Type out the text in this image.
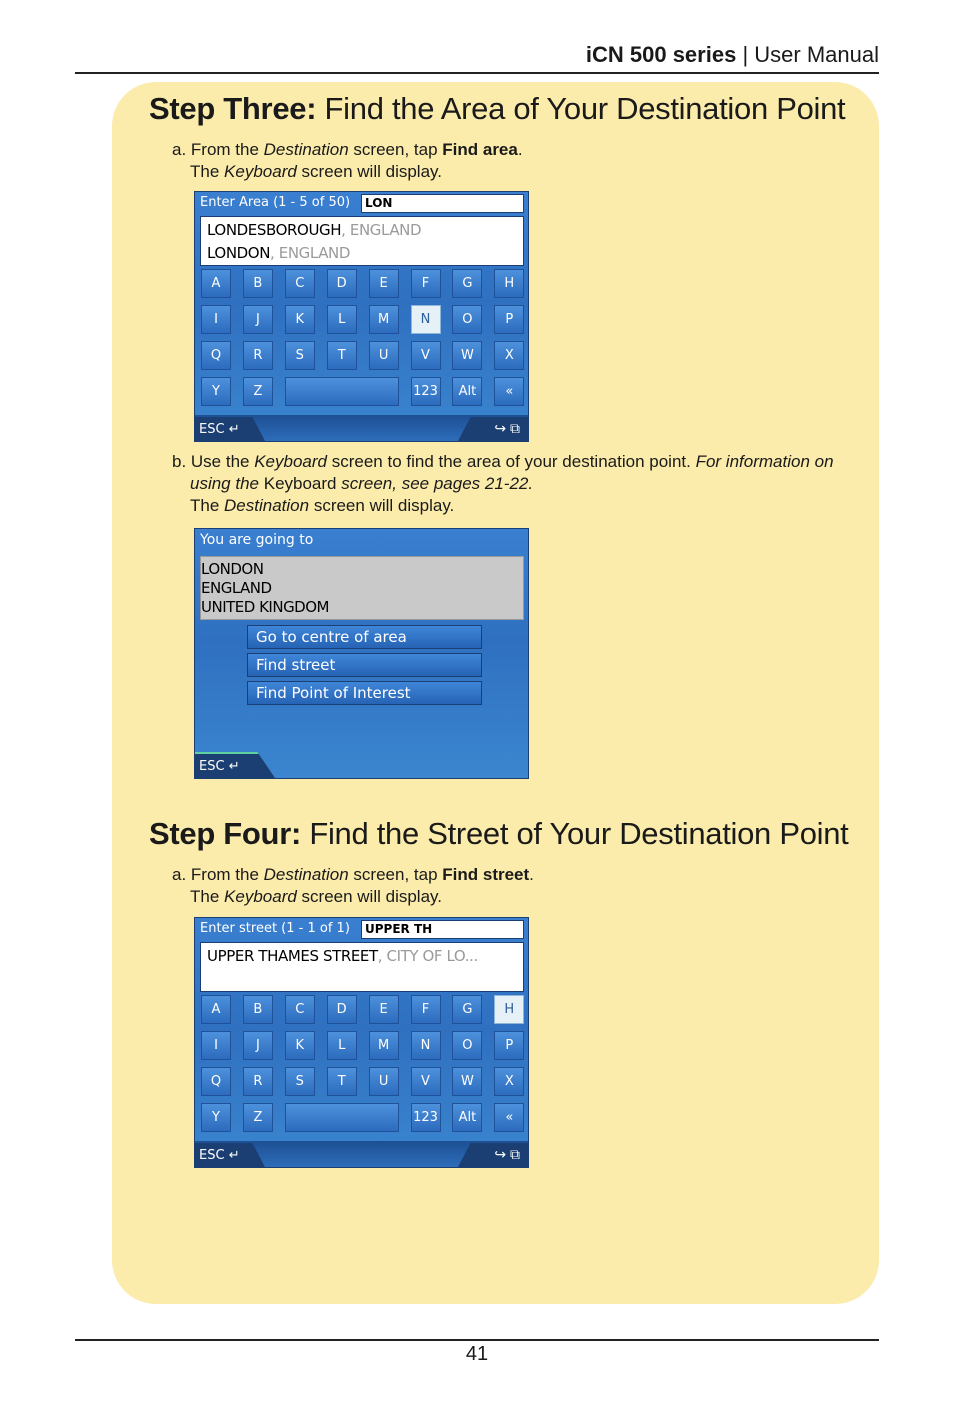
iCN 500 series | User Manual
Step Three: Find the Area of Your Destination Point
a. From the Destination screen, tap Find area.
The Keyboard screen will display.
Enter Area (1 - 5 of 50)	LON
LONDESBOROUGH, ENGLAND
LONDON, ENGLAND
ESC ↵	↪ ⧉
A	B	C	D	E	F	G	H
I	J	K	L	M	N	O	P
Q	R	S	T	U	V	W	X
Y	Z	123	Alt	«
b. Use the Keyboard screen to find the area of your destination point. For information on
using the Keyboard screen, see pages 21-22.
The Destination screen will display.
You are going to
LONDON
ENGLAND
UNITED KINGDOM
Go to centre of area
Find street
Find Point of Interest
ESC ↵
Step Four: Find the Street of Your Destination Point
a. From the Destination screen, tap Find street.
The Keyboard screen will display.
Enter street (1 - 1 of 1)	UPPER TH
UPPER THAMES STREET, CITY OF LO...
ESC ↵	↪ ⧉
A	B	C	D	E	F	G	H
I	J	K	L	M	N	O	P
Q	R	S	T	U	V	W	X
Y	Z	123	Alt	«
41
